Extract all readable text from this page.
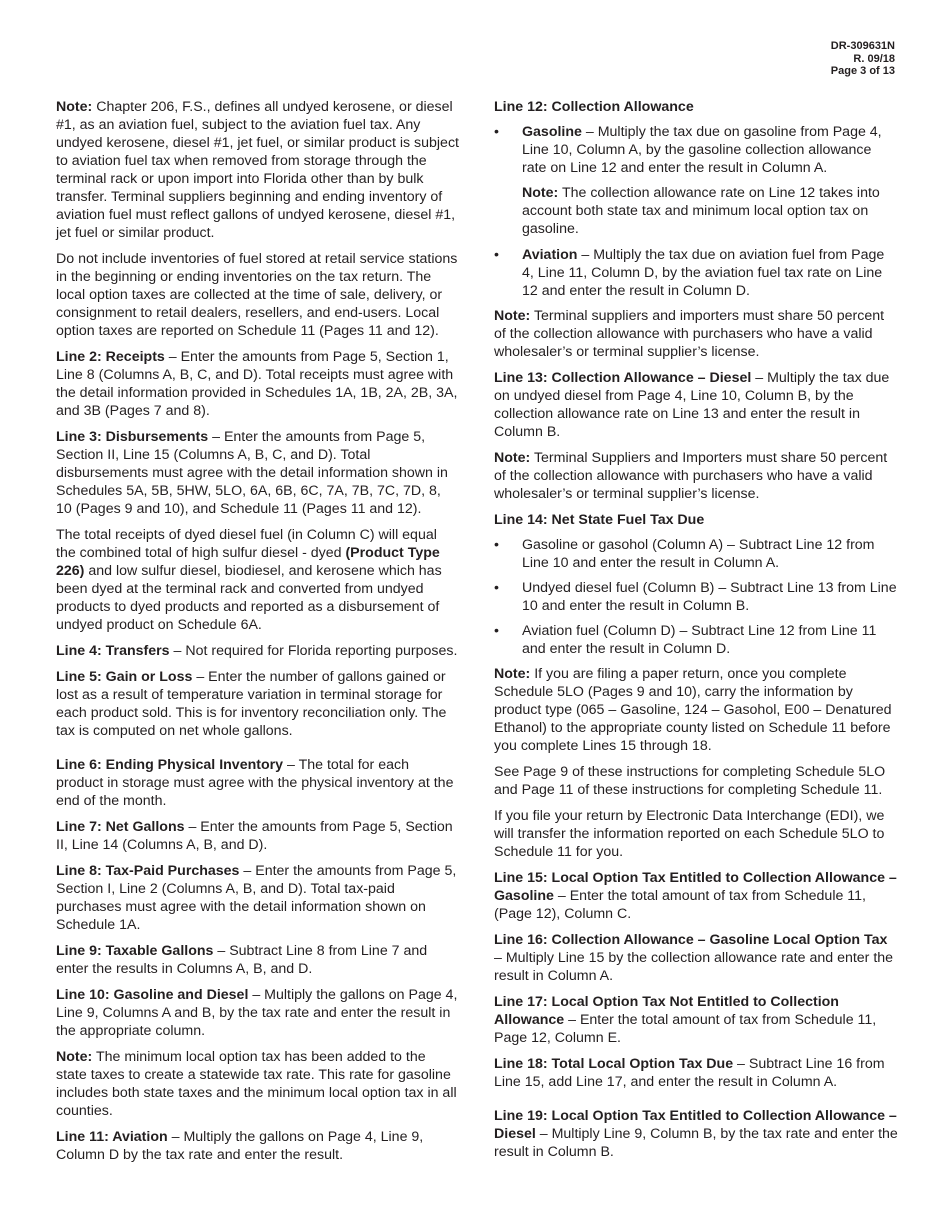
DR-309631N
R. 09/18
Page 3 of 13

Note: Chapter 206, F.S., defines all undyed kerosene, or diesel #1, as an aviation fuel, subject to the aviation fuel tax. Any undyed kerosene, diesel #1, jet fuel, or similar product is subject to aviation fuel tax when removed from storage through the terminal rack or upon import into Florida other than by bulk transfer. Terminal suppliers beginning and ending inventory of aviation fuel must reflect gallons of undyed kerosene, diesel #1, jet fuel or similar product.

Do not include inventories of fuel stored at retail service stations in the beginning or ending inventories on the tax return. The local option taxes are collected at the time of sale, delivery, or consignment to retail dealers, resellers, and end-users. Local option taxes are reported on Schedule 11 (Pages 11 and 12).

Line 2: Receipts – Enter the amounts from Page 5, Section 1, Line 8 (Columns A, B, C, and D). Total receipts must agree with the detail information provided in Schedules 1A, 1B, 2A, 2B, 3A, and 3B (Pages 7 and 8).

Line 3: Disbursements – Enter the amounts from Page 5, Section II, Line 15 (Columns A, B, C, and D). Total disbursements must agree with the detail information shown in Schedules 5A, 5B, 5HW, 5LO, 6A, 6B, 6C, 7A, 7B, 7C, 7D, 8, 10 (Pages 9 and 10), and Schedule 11 (Pages 11 and 12).

The total receipts of dyed diesel fuel (in Column C) will equal the combined total of high sulfur diesel - dyed (Product Type 226) and low sulfur diesel, biodiesel, and kerosene which has been dyed at the terminal rack and converted from undyed products to dyed products and reported as a disbursement of undyed product on Schedule 6A.

Line 4: Transfers – Not required for Florida reporting purposes.

Line 5: Gain or Loss – Enter the number of gallons gained or lost as a result of temperature variation in terminal storage for each product sold. This is for inventory reconciliation only. The tax is computed on net whole gallons.

Line 6: Ending Physical Inventory – The total for each product in storage must agree with the physical inventory at the end of the month.

Line 7: Net Gallons – Enter the amounts from Page 5, Section II, Line 14 (Columns A, B, and D).

Line 8: Tax-Paid Purchases – Enter the amounts from Page 5, Section I, Line 2 (Columns A, B, and D). Total tax-paid purchases must agree with the detail information shown on Schedule 1A.

Line 9: Taxable Gallons – Subtract Line 8 from Line 7 and enter the results in Columns A, B, and D.

Line 10: Gasoline and Diesel – Multiply the gallons on Page 4, Line 9, Columns A and B, by the tax rate and enter the result in the appropriate column.

Note: The minimum local option tax has been added to the state taxes to create a statewide tax rate. This rate for gasoline includes both state taxes and the minimum local option tax in all counties.

Line 11: Aviation – Multiply the gallons on Page 4, Line 9, Column D by the tax rate and enter the result.

Line 12: Collection Allowance

•	Gasoline – Multiply the tax due on gasoline from Page 4, Line 10, Column A, by the gasoline collection allowance rate on Line 12 and enter the result in Column A.

Note: The collection allowance rate on Line 12 takes into account both state tax and minimum local option tax on gasoline.

•	Aviation – Multiply the tax due on aviation fuel from Page 4, Line 11, Column D, by the aviation fuel tax rate on Line 12 and enter the result in Column D.

Note: Terminal suppliers and importers must share 50 percent of the collection allowance with purchasers who have a valid wholesaler’s or terminal supplier’s license.

Line 13: Collection Allowance – Diesel – Multiply the tax due on undyed diesel from Page 4, Line 10, Column B, by the collection allowance rate on Line 13 and enter the result in Column B.

Note: Terminal Suppliers and Importers must share 50 percent of the collection allowance with purchasers who have a valid wholesaler’s or terminal supplier’s license.

Line 14: Net State Fuel Tax Due

•	Gasoline or gasohol (Column A) – Subtract Line 12 from Line 10 and enter the result in Column A.
•	Undyed diesel fuel (Column B) – Subtract Line 13 from Line 10 and enter the result in Column B.
•	Aviation fuel (Column D) – Subtract Line 12 from Line 11 and enter the result in Column D.

Note: If you are filing a paper return, once you complete Schedule 5LO (Pages 9 and 10), carry the information by product type (065 – Gasoline, 124 – Gasohol, E00 – Denatured Ethanol) to the appropriate county listed on Schedule 11 before you complete Lines 15 through 18.

See Page 9 of these instructions for completing Schedule 5LO and Page 11 of these instructions for completing Schedule 11.

If you file your return by Electronic Data Interchange (EDI), we will transfer the information reported on each Schedule 5LO to Schedule 11 for you.

Line 15: Local Option Tax Entitled to Collection Allowance – Gasoline – Enter the total amount of tax from Schedule 11, (Page 12), Column C.

Line 16: Collection Allowance – Gasoline Local Option Tax – Multiply Line 15 by the collection allowance rate and enter the result in Column A.

Line 17: Local Option Tax Not Entitled to Collection Allowance – Enter the total amount of tax from Schedule 11, Page 12, Column E.

Line 18: Total Local Option Tax Due – Subtract Line 16 from Line 15, add Line 17, and enter the result in Column A.

Line 19: Local Option Tax Entitled to Collection Allowance – Diesel – Multiply Line 9, Column B, by the tax rate and enter the result in Column B.
